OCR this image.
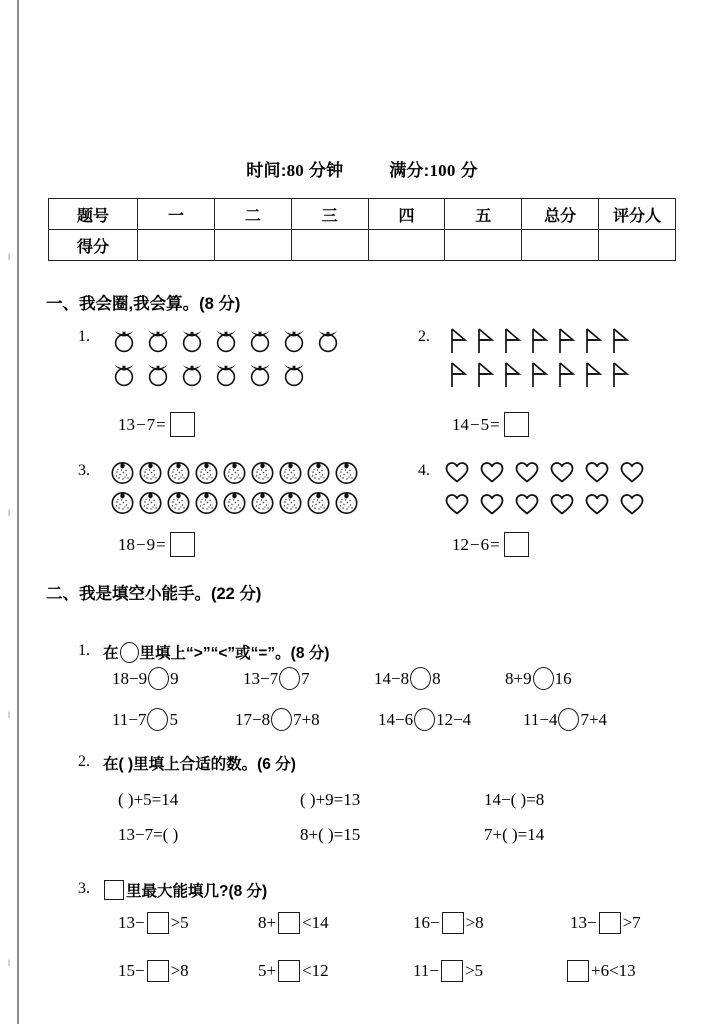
‖
‖
‖
‖
时间:80 分钟	满分:100 分
题号	一	二	三	四	五	总分	评分人
得分							
一、我会圈,我会算。(8 分)
1.
13 − 7 =
2.
14 − 5 =
3.
18 − 9 =
4.
12 − 6 =
二、我是填空小能手。(22 分)
1. 在 里填上“>”“<”或“=”。(8 分)
18−9 9	13−7 7	14−8 8	8+9 16
11−7 5	17−8 7+8	14−6 12−4	11−4 7+4
2. 在( )里填上合适的数。(6 分)
( )+5=14	( )+9=13	14−( )=8
13−7=( )	8+( )=15	7+( )=14
3.	里最大能填几?(8 分)
13− >5	8+ <14	16− >8	13− >7
15− >8	5+ <12	11− >5	+6<13
